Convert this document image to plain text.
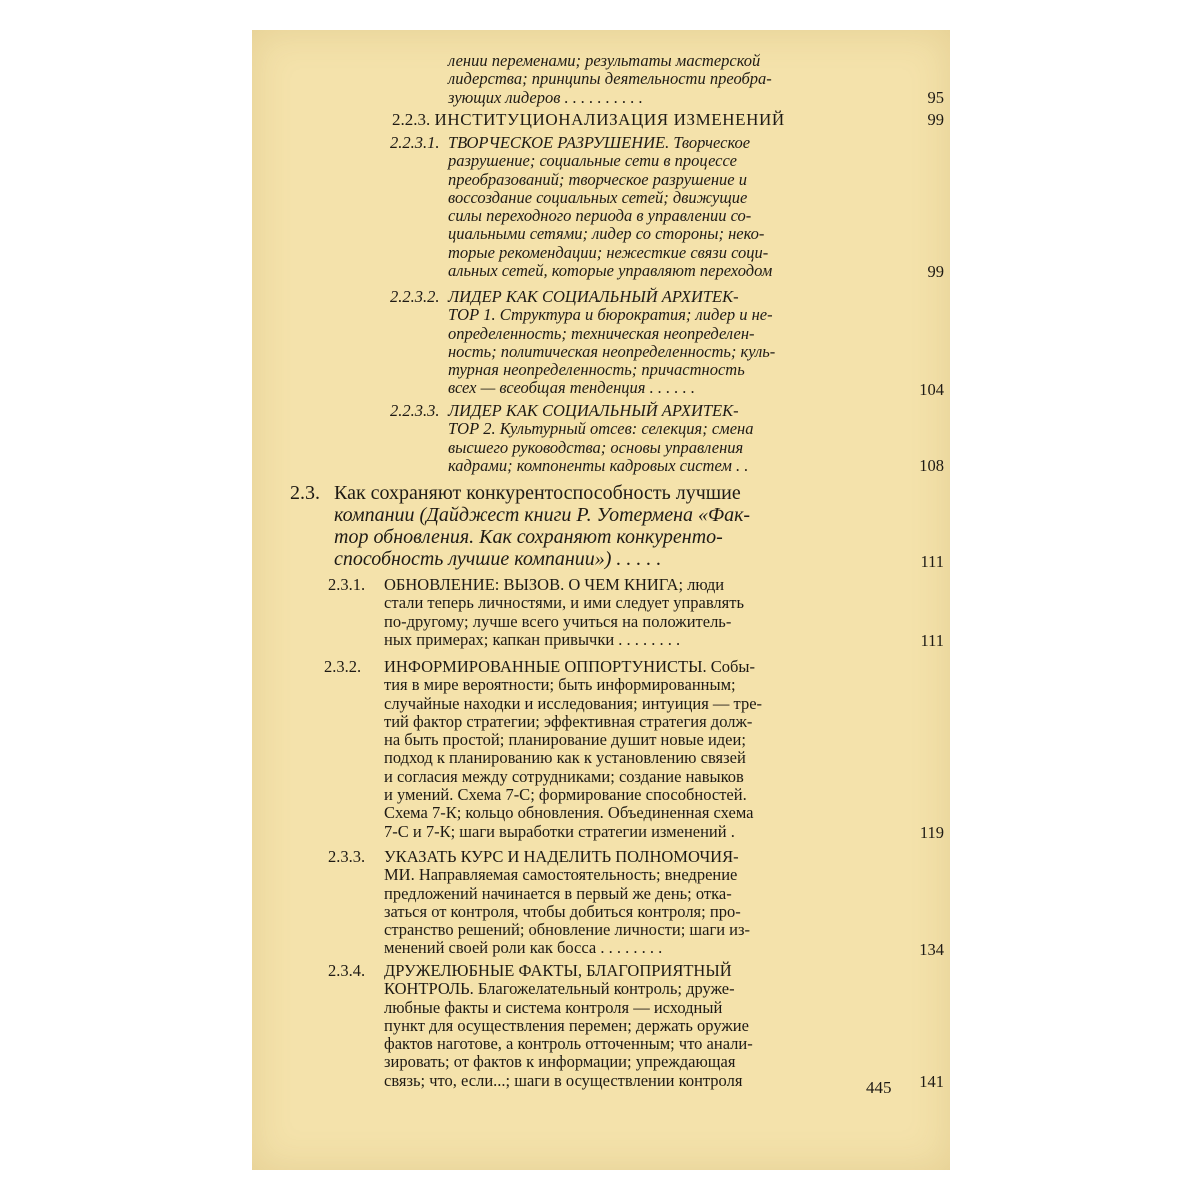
лении переменами; результаты мастерской
лидерства; принципы деятельности преобра-
зующих лидеров . . . . . . . . . .	95
2.2.3. ИНСТИТУЦИОНАЛИЗАЦИЯ ИЗМЕНЕНИЙ	99
2.2.3.1. ТВОРЧЕСКОЕ РАЗРУШЕНИЕ. Творческое
разрушение; социальные сети в процессе
преобразований; творческое разрушение и
воссоздание социальных сетей; движущие
силы переходного периода в управлении со-
циальными сетями; лидер со стороны; неко-
торые рекомендации; нежесткие связи соци-
альных сетей, которые управляют переходом	99
2.2.3.2. ЛИДЕР КАК СОЦИАЛЬНЫЙ АРХИТЕК-
ТОР 1. Структура и бюрократия; лидер и не-
определенность; техническая неопределен-
ность; политическая неопределенность; куль-
турная неопределенность; причастность
всех — всеобщая тенденция . . . . . .	104
2.2.3.3. ЛИДЕР КАК СОЦИАЛЬНЫЙ АРХИТЕК-
ТОР 2. Культурный отсев: селекция; смена
высшего руководства; основы управления
кадрами; компоненты кадровых систем . .	108
2.3. Как сохраняют конкурентоспособность лучшие
компании (Дайджест книги Р. Уотермена «Фак-
тор обновления. Как сохраняют конкуренто-
способность лучшие компании») . . . . .	111
2.3.1. ОБНОВЛЕНИЕ: ВЫЗОВ. О ЧЕМ КНИГА; люди
стали теперь личностями, и ими следует управлять
по-другому; лучше всего учиться на положитель-
ных примерах; капкан привычки . . . . . . . .	111
2.3.2. ИНФОРМИРОВАННЫЕ ОППОРТУНИСТЫ. Собы-
тия в мире вероятности; быть информированным;
случайные находки и исследования; интуиция — тре-
тий фактор стратегии; эффективная стратегия долж-
на быть простой; планирование душит новые идеи;
подход к планированию как к установлению связей
и согласия между сотрудниками; создание навыков
и умений. Схема 7-С; формирование способностей.
Схема 7-К; кольцо обновления. Объединенная схема
7-С и 7-К; шаги выработки стратегии изменений .	119
2.3.3. УКАЗАТЬ КУРС И НАДЕЛИТЬ ПОЛНОМОЧИЯ-
МИ. Направляемая самостоятельность; внедрение
предложений начинается в первый же день; отка-
заться от контроля, чтобы добиться контроля; про-
странство решений; обновление личности; шаги из-
менений своей роли как босса . . . . . . . .	134
2.3.4. ДРУЖЕЛЮБНЫЕ ФАКТЫ, БЛАГОПРИЯТНЫЙ
КОНТРОЛЬ. Благожелательный контроль; друже-
любные факты и система контроля — исходный
пункт для осуществления перемен; держать оружие
фактов наготове, а контроль отточенным; что анали-
зировать; от фактов к информации; упреждающая
связь; что, если...; шаги в осуществлении контроля	141
445
